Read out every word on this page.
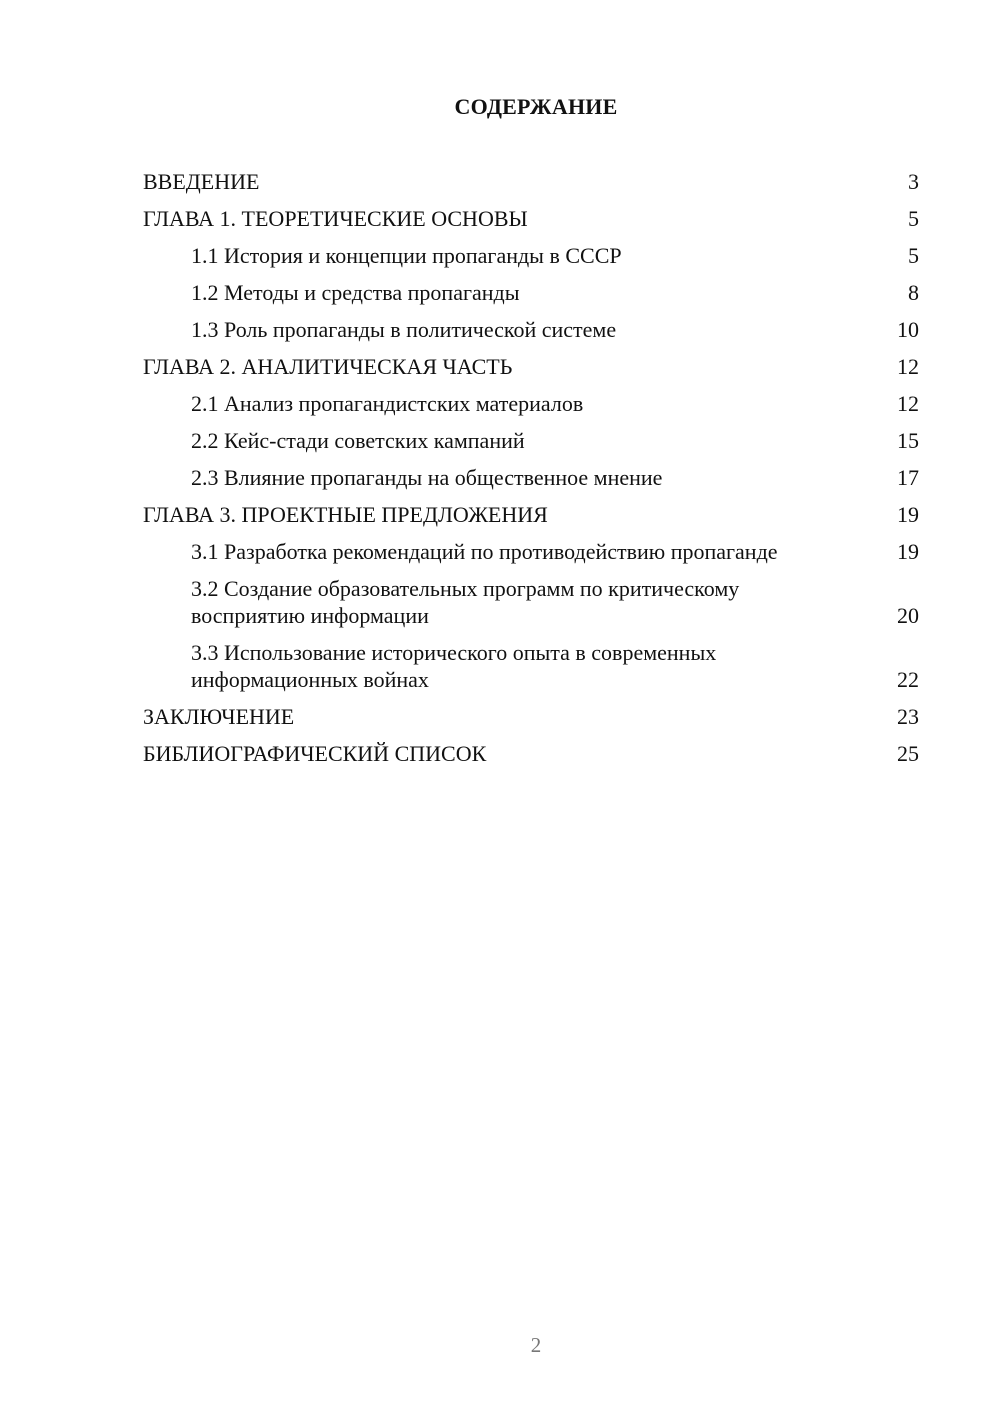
СОДЕРЖАНИЕ
ВВЕДЕНИЕ	3
ГЛАВА 1. ТЕОРЕТИЧЕСКИЕ ОСНОВЫ	5
1.1 История и концепции пропаганды в СССР	5
1.2 Методы и средства пропаганды	8
1.3 Роль пропаганды в политической системе	10
ГЛАВА 2. АНАЛИТИЧЕСКАЯ ЧАСТЬ	12
2.1 Анализ пропагандистских материалов	12
2.2 Кейс-стади советских кампаний	15
2.3 Влияние пропаганды на общественное мнение	17
ГЛАВА 3. ПРОЕКТНЫЕ ПРЕДЛОЖЕНИЯ	19
3.1 Разработка рекомендаций по противодействию пропаганде	19
3.2 Создание образовательных программ по критическому восприятию информации	20
3.3 Использование исторического опыта в современных информационных войнах	22
ЗАКЛЮЧЕНИЕ	23
БИБЛИОГРАФИЧЕСКИЙ СПИСОК	25
2
